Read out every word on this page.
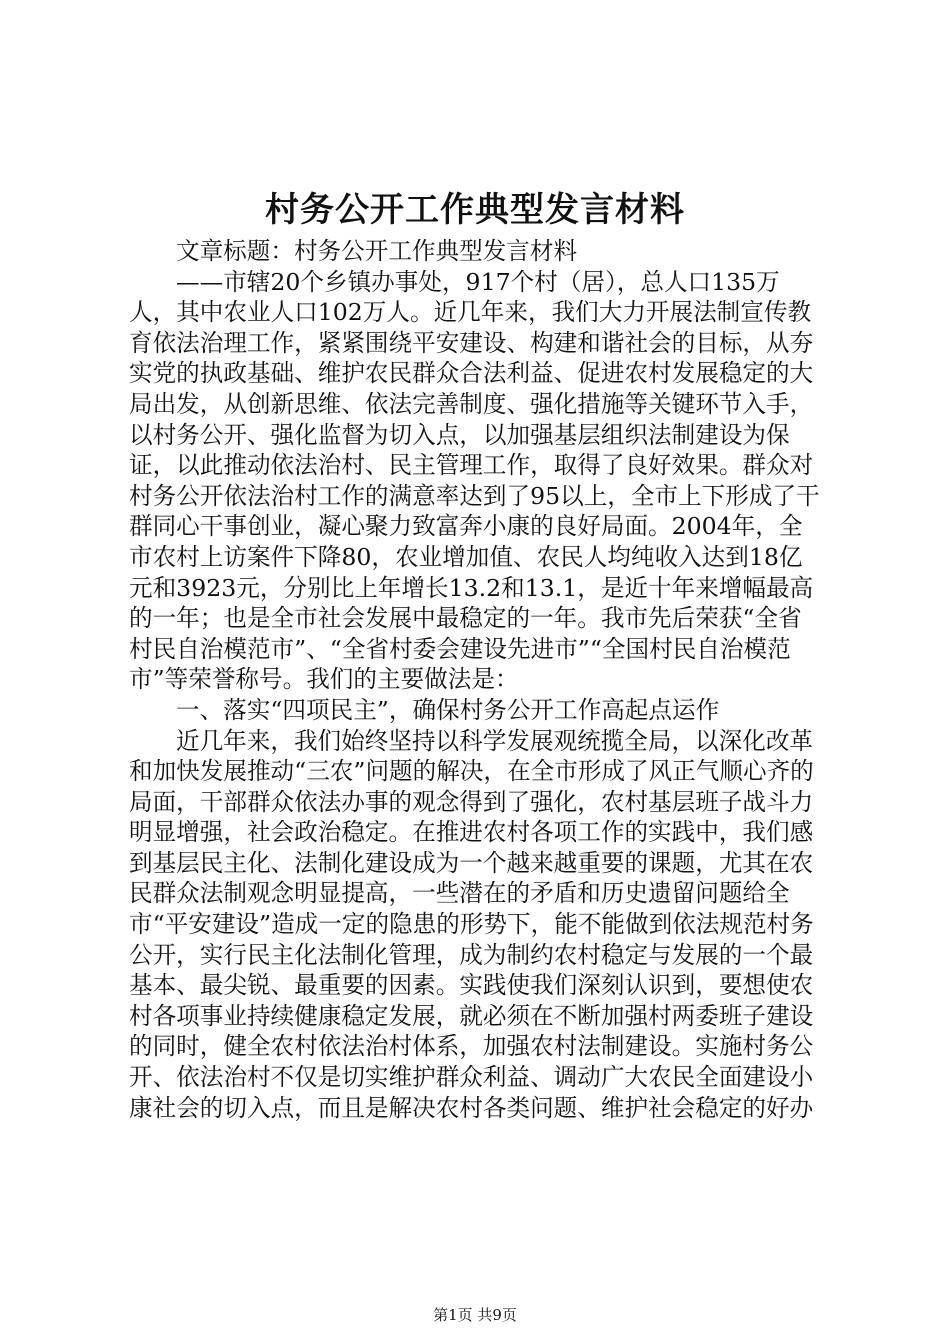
村务公开工作典型发言材料

文章标题：村务公开工作典型发言材料

——市辖20个乡镇办事处，917个村（居），总人口135万人，其中农业人口102万人。近几年来，我们大力开展法制宣传教育依法治理工作，紧紧围绕平安建设、构建和谐社会的目标，从夯实党的执政基础、维护农民群众合法利益、促进农村发展稳定的大局出发，从创新思维、依法完善制度、强化措施等关键环节入手，以村务公开、强化监督为切入点，以加强基层组织法制建设为保证，以此推动依法治村、民主管理工作，取得了良好效果。群众对村务公开依法治村工作的满意率达到了95以上，全市上下形成了干群同心干事创业，凝心聚力致富奔小康的良好局面。2004年，全市农村上访案件下降80，农业增加值、农民人均纯收入达到18亿元和3923元，分别比上年增长13.2和13.1，是近十年来增幅最高的一年；也是全市社会发展中最稳定的一年。我市先后荣获“全省村民自治模范市”、“全省村委会建设先进市”“全国村民自治模范市”等荣誉称号。我们的主要做法是：

一、落实“四项民主”，确保村务公开工作高起点运作

近几年来，我们始终坚持以科学发展观统揽全局，以深化改革和加快发展推动“三农”问题的解决，在全市形成了风正气顺心齐的局面，干部群众依法办事的观念得到了强化，农村基层班子战斗力明显增强，社会政治稳定。在推进农村各项工作的实践中，我们感到基层民主化、法制化建设成为一个越来越重要的课题，尤其在农民群众法制观念明显提高，一些潜在的矛盾和历史遗留问题给全市“平安建设”造成一定的隐患的形势下，能不能做到依法规范村务公开，实行民主化法制化管理，成为制约农村稳定与发展的一个最基本、最尖锐、最重要的因素。实践使我们深刻认识到，要想使农村各项事业持续健康稳定发展，就必须在不断加强村两委班子建设的同时，健全农村依法治村体系，加强农村法制建设。实施村务公开、依法治村不仅是切实维护群众利益、调动广大农民全面建设小康社会的切入点，而且是解决农村各类问题、维护社会稳定的好办

第1页 共9页
